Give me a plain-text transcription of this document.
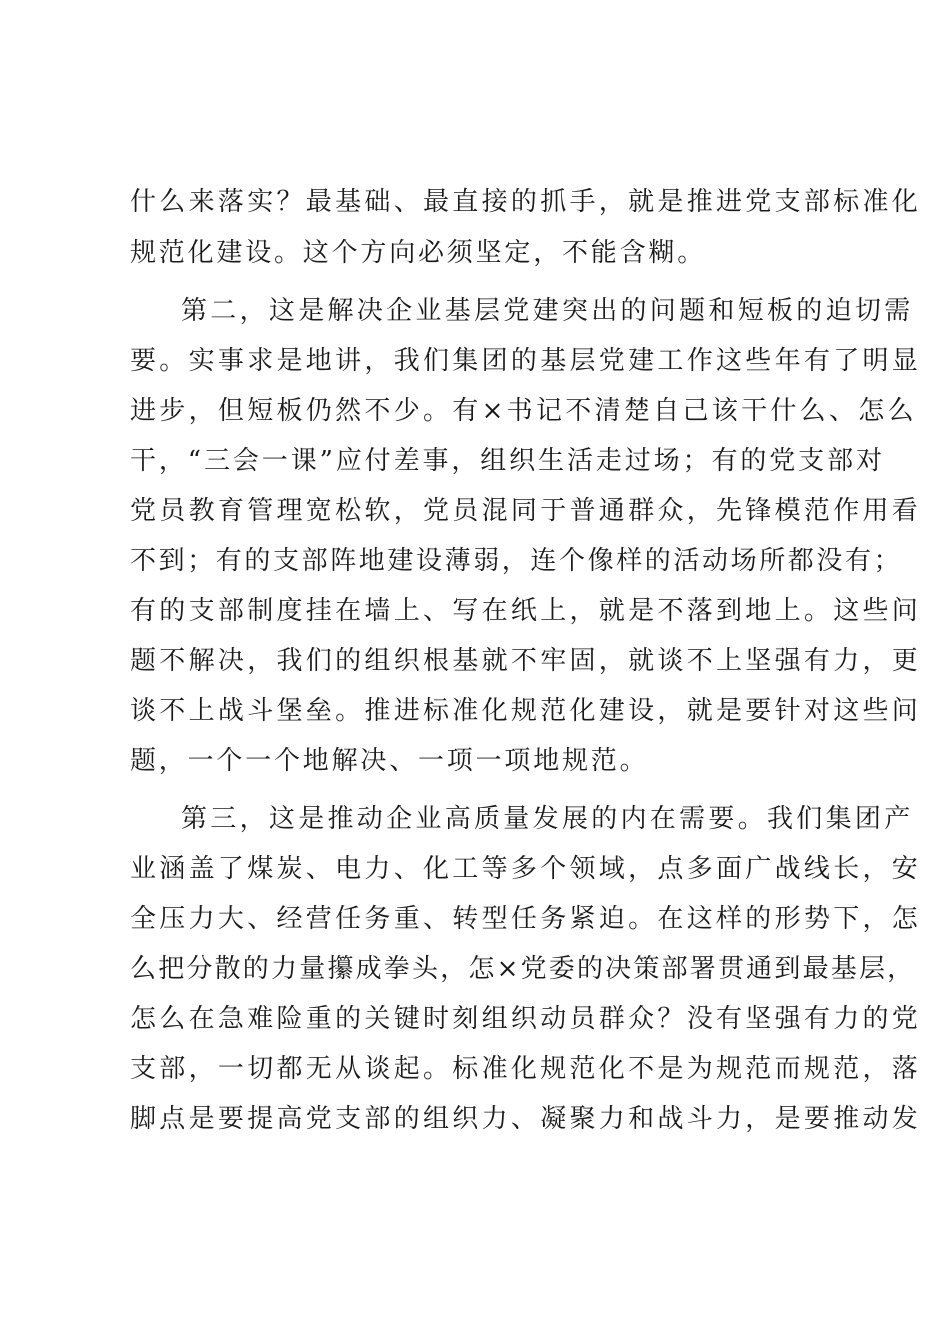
什么来落实？最基础、最直接的抓手，就是推进党支部标准化
规范化建设。这个方向必须坚定，不能含糊。
第二，这是解决企业基层党建突出的问题和短板的迫切需
要。实事求是地讲，我们集团的基层党建工作这些年有了明显
进步，但短板仍然不少。有×书记不清楚自己该干什么、怎么
干，“三会一课”应付差事，组织生活走过场；有的党支部对
党员教育管理宽松软，党员混同于普通群众，先锋模范作用看
不到；有的支部阵地建设薄弱，连个像样的活动场所都没有；
有的支部制度挂在墙上、写在纸上，就是不落到地上。这些问
题不解决，我们的组织根基就不牢固，就谈不上坚强有力，更
谈不上战斗堡垒。推进标准化规范化建设，就是要针对这些问
题，一个一个地解决、一项一项地规范。
第三，这是推动企业高质量发展的内在需要。我们集团产
业涵盖了煤炭、电力、化工等多个领域，点多面广战线长，安
全压力大、经营任务重、转型任务紧迫。在这样的形势下，怎
么把分散的力量攥成拳头，怎×党委的决策部署贯通到最基层，
怎么在急难险重的关键时刻组织动员群众？没有坚强有力的党
支部，一切都无从谈起。标准化规范化不是为规范而规范，落
脚点是要提高党支部的组织力、凝聚力和战斗力，是要推动发
